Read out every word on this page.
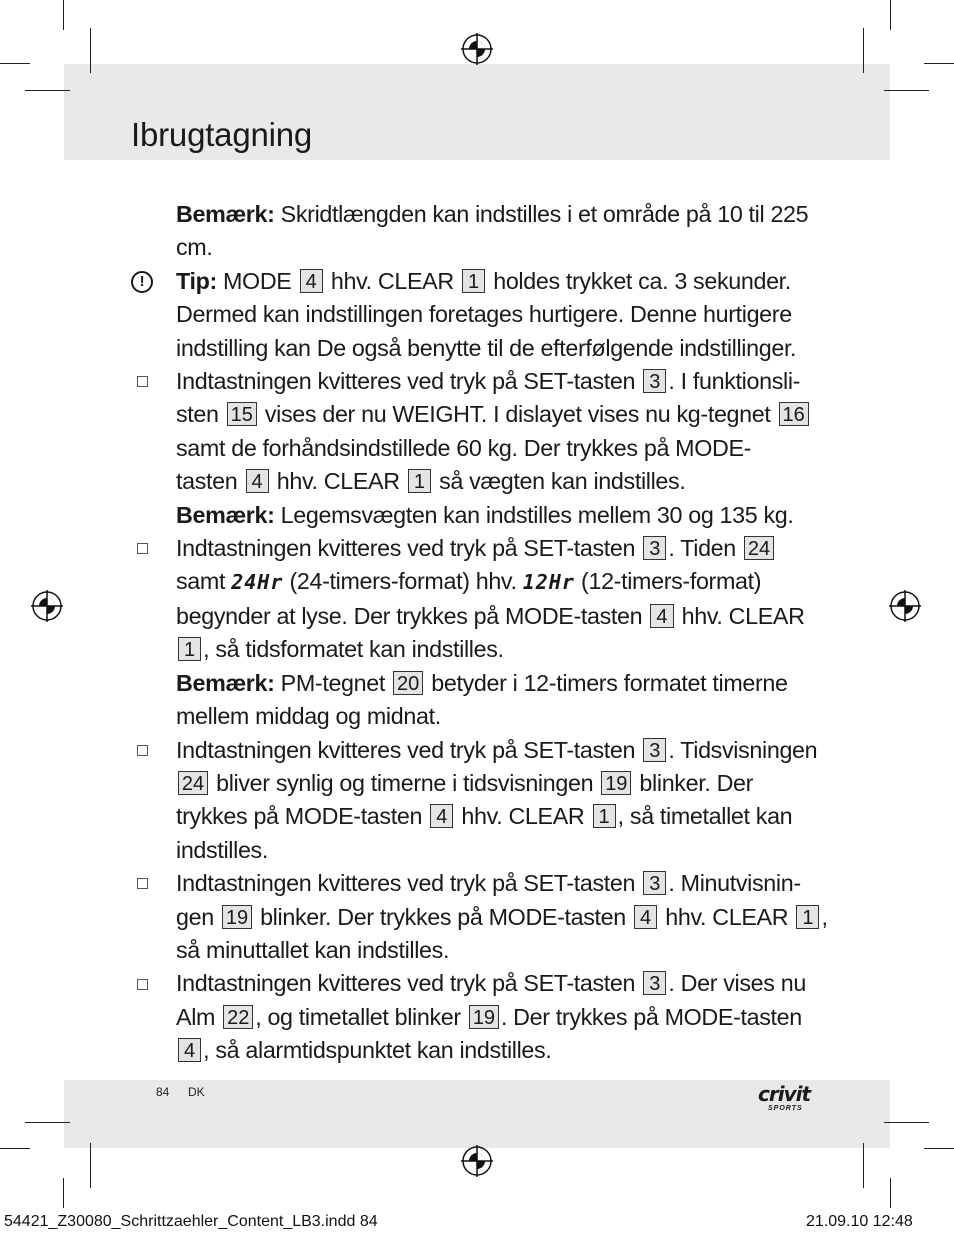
Ibrugtagning
Bemærk: Skridtlængden kan indstilles i et område på 10 til 225 cm.
!	Tip: MODE 4 hhv. CLEAR 1 holdes trykket ca. 3 sekunder. Dermed kan indstillingen foretages hurtigere. Denne hurtigere indstilling kan De også benytte til de efterfølgende indstillinger.
Indtastningen kvitteres ved tryk på SET-tasten 3 . I funktionsli-
sten 15 vises der nu WEIGHT. I dislayet vises nu kg-tegnet 16 samt de forhåndsindstillede 60 kg. Der trykkes på MODE-
tasten 4 hhv. CLEAR 1 så vægten kan indstilles.
Bemærk: Legemsvægten kan indstilles mellem 30 og 135 kg.
Indtastningen kvitteres ved tryk på SET-tasten 3 . Tiden 24
samt 24Hr (24-timers-format) hhv. 12Hr (12-timers-format) begynder at lyse. Der trykkes på MODE-tasten 4 hhv. CLEAR
1 , så tidsformatet kan indstilles.
Bemærk: PM-tegnet 20 betyder i 12-timers formatet timerne mellem middag og midnat.
Indtastningen kvitteres ved tryk på SET-tasten 3 . Tidsvisningen 24 bliver synlig og timerne i tidsvisningen 19 blinker. Der trykkes på MODE-tasten 4 hhv. CLEAR 1 , så timetallet kan indstilles.
Indtastningen kvitteres ved tryk på SET-tasten 3 . Minutvisnin-
gen 19 blinker. Der trykkes på MODE-tasten 4 hhv. CLEAR 1 , så minuttallet kan indstilles.
Indtastningen kvitteres ved tryk på SET-tasten 3 . Der vises nu Alm 22 , og timetallet blinker 19 . Der trykkes på MODE-tasten 4 , så alarmtidspunktet kan indstilles.
84 DK	crivit
SPORTS
54421_Z30080_Schrittzaehler_Content_LB3.indd 84	21.09.10 12:48
